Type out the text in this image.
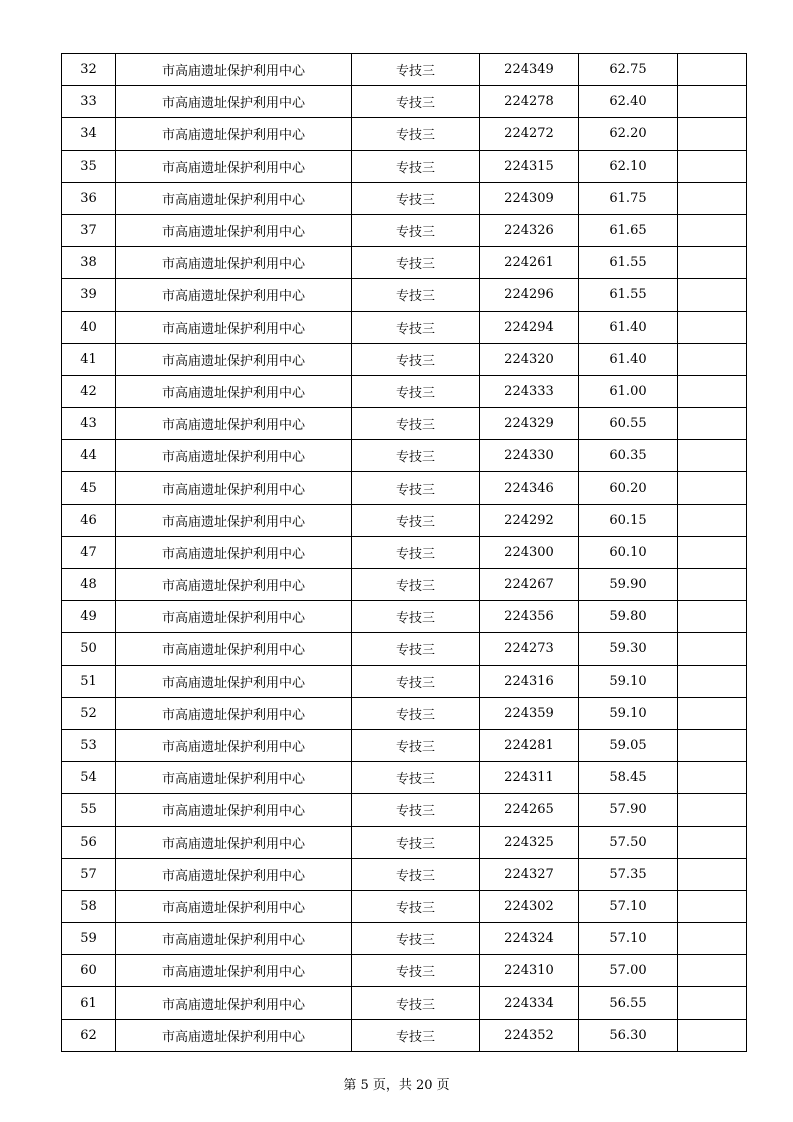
32	市高庙遗址保护利用中心	专技三	224349	62.75	
33	市高庙遗址保护利用中心	专技三	224278	62.40	
34	市高庙遗址保护利用中心	专技三	224272	62.20	
35	市高庙遗址保护利用中心	专技三	224315	62.10	
36	市高庙遗址保护利用中心	专技三	224309	61.75	
37	市高庙遗址保护利用中心	专技三	224326	61.65	
38	市高庙遗址保护利用中心	专技三	224261	61.55	
39	市高庙遗址保护利用中心	专技三	224296	61.55	
40	市高庙遗址保护利用中心	专技三	224294	61.40	
41	市高庙遗址保护利用中心	专技三	224320	61.40	
42	市高庙遗址保护利用中心	专技三	224333	61.00	
43	市高庙遗址保护利用中心	专技三	224329	60.55	
44	市高庙遗址保护利用中心	专技三	224330	60.35	
45	市高庙遗址保护利用中心	专技三	224346	60.20	
46	市高庙遗址保护利用中心	专技三	224292	60.15	
47	市高庙遗址保护利用中心	专技三	224300	60.10	
48	市高庙遗址保护利用中心	专技三	224267	59.90	
49	市高庙遗址保护利用中心	专技三	224356	59.80	
50	市高庙遗址保护利用中心	专技三	224273	59.30	
51	市高庙遗址保护利用中心	专技三	224316	59.10	
52	市高庙遗址保护利用中心	专技三	224359	59.10	
53	市高庙遗址保护利用中心	专技三	224281	59.05	
54	市高庙遗址保护利用中心	专技三	224311	58.45	
55	市高庙遗址保护利用中心	专技三	224265	57.90	
56	市高庙遗址保护利用中心	专技三	224325	57.50	
57	市高庙遗址保护利用中心	专技三	224327	57.35	
58	市高庙遗址保护利用中心	专技三	224302	57.10	
59	市高庙遗址保护利用中心	专技三	224324	57.10	
60	市高庙遗址保护利用中心	专技三	224310	57.00	
61	市高庙遗址保护利用中心	专技三	224334	56.55	
62	市高庙遗址保护利用中心	专技三	224352	56.30	
第 5 页，共 20 页
